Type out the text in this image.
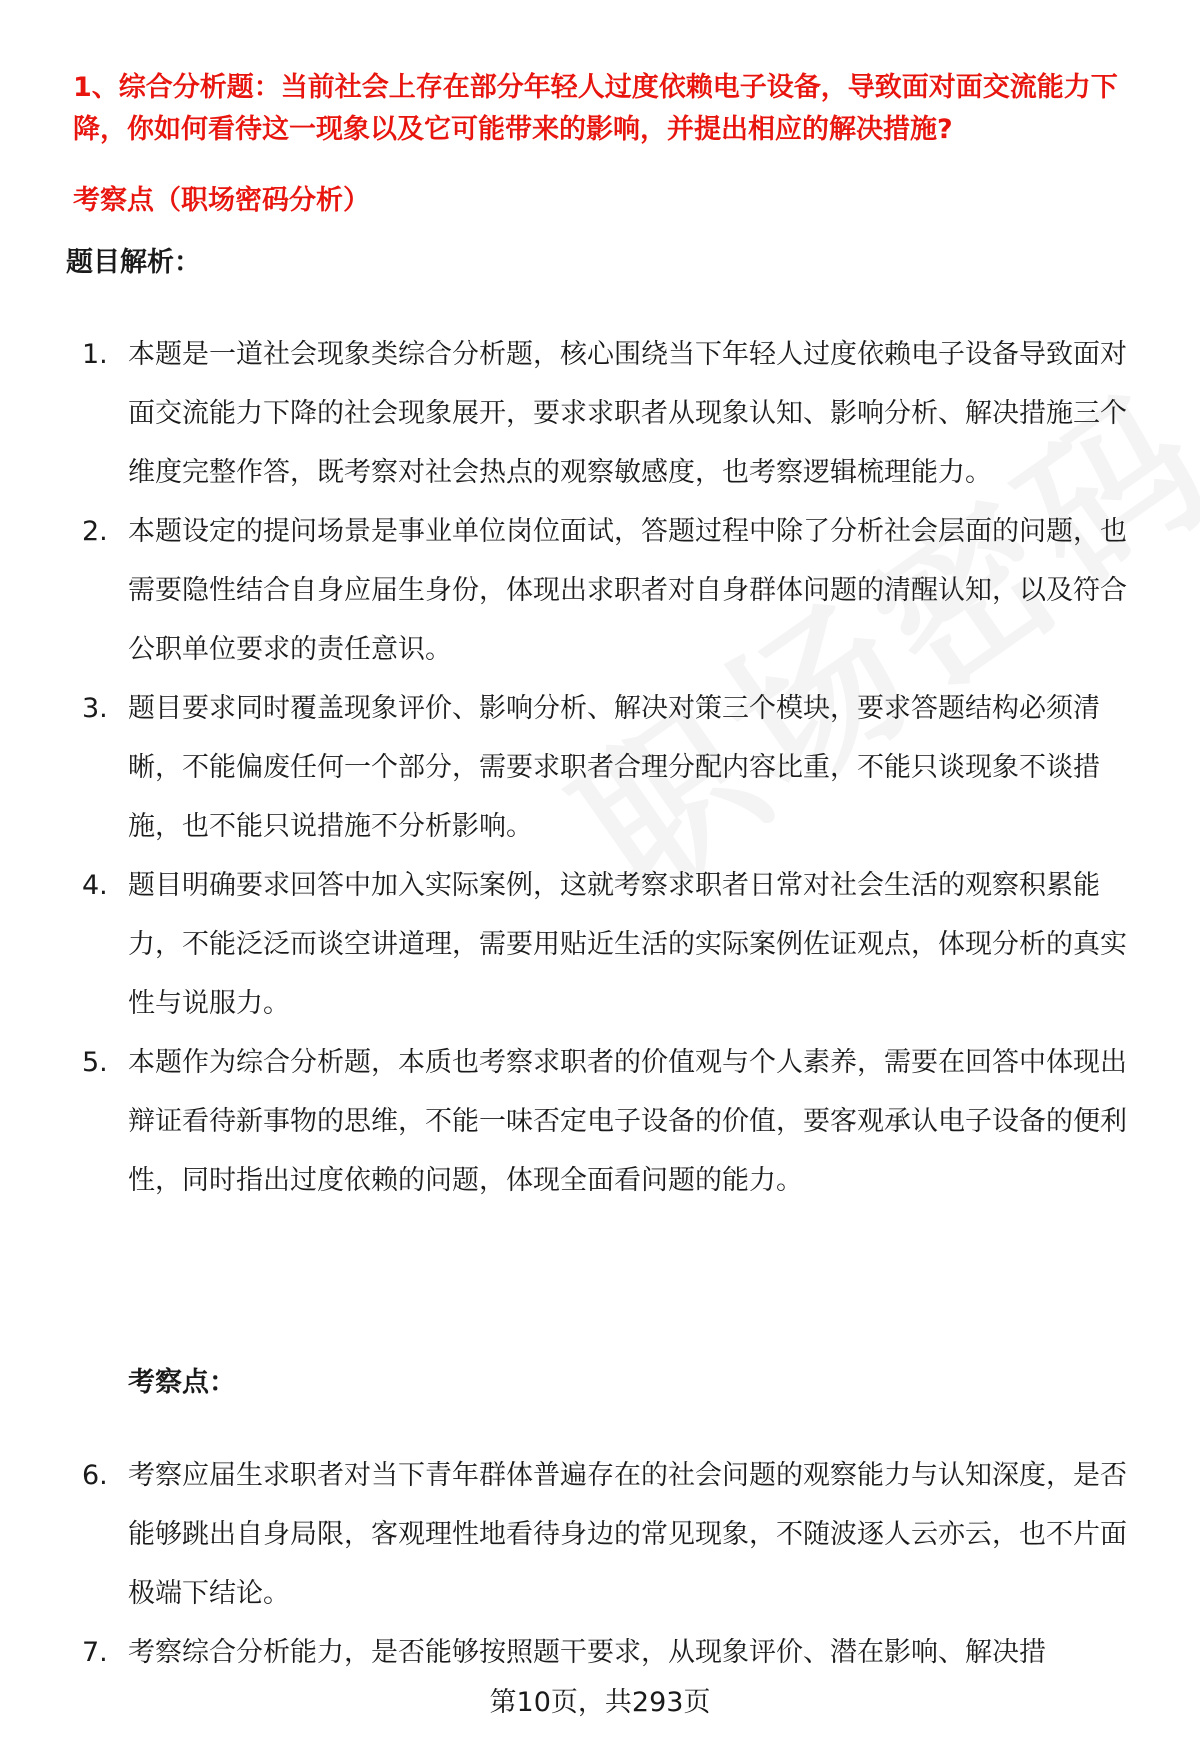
1、综合分析题：当前社会上存在部分年轻人过度依赖电子设备，导致面对面交流能力下降，你如何看待这一现象以及它可能带来的影响，并提出相应的解决措施?

考察点（职场密码分析）

题目解析：

1. 本题是一道社会现象类综合分析题，核心围绕当下年轻人过度依赖电子设备导致面对面交流能力下降的社会现象展开，要求求职者从现象认知、影响分析、解决措施三个维度完整作答，既考察对社会热点的观察敏感度，也考察逻辑梳理能力。
2. 本题设定的提问场景是事业单位岗位面试，答题过程中除了分析社会层面的问题，也需要隐性结合自身应届生身份，体现出求职者对自身群体问题的清醒认知，以及符合公职单位要求的责任意识。
3. 题目要求同时覆盖现象评价、影响分析、解决对策三个模块，要求答题结构必须清晰，不能偏废任何一个部分，需要求职者合理分配内容比重，不能只谈现象不谈措施，也不能只说措施不分析影响。
4. 题目明确要求回答中加入实际案例，这就考察求职者日常对社会生活的观察积累能力，不能泛泛而谈空讲道理，需要用贴近生活的实际案例佐证观点，体现分析的真实性与说服力。
5. 本题作为综合分析题，本质也考察求职者的价值观与个人素养，需要在回答中体现出辩证看待新事物的思维，不能一味否定电子设备的价值，要客观承认电子设备的便利性，同时指出过度依赖的问题，体现全面看问题的能力。

考察点：

6. 考察应届生求职者对当下青年群体普遍存在的社会问题的观察能力与认知深度，是否能够跳出自身局限，客观理性地看待身边的常见现象，不随波逐人云亦云，也不片面极端下结论。
7. 考察综合分析能力，是否能够按照题干要求，从现象评价、潜在影响、解决措
第10页，共293页
